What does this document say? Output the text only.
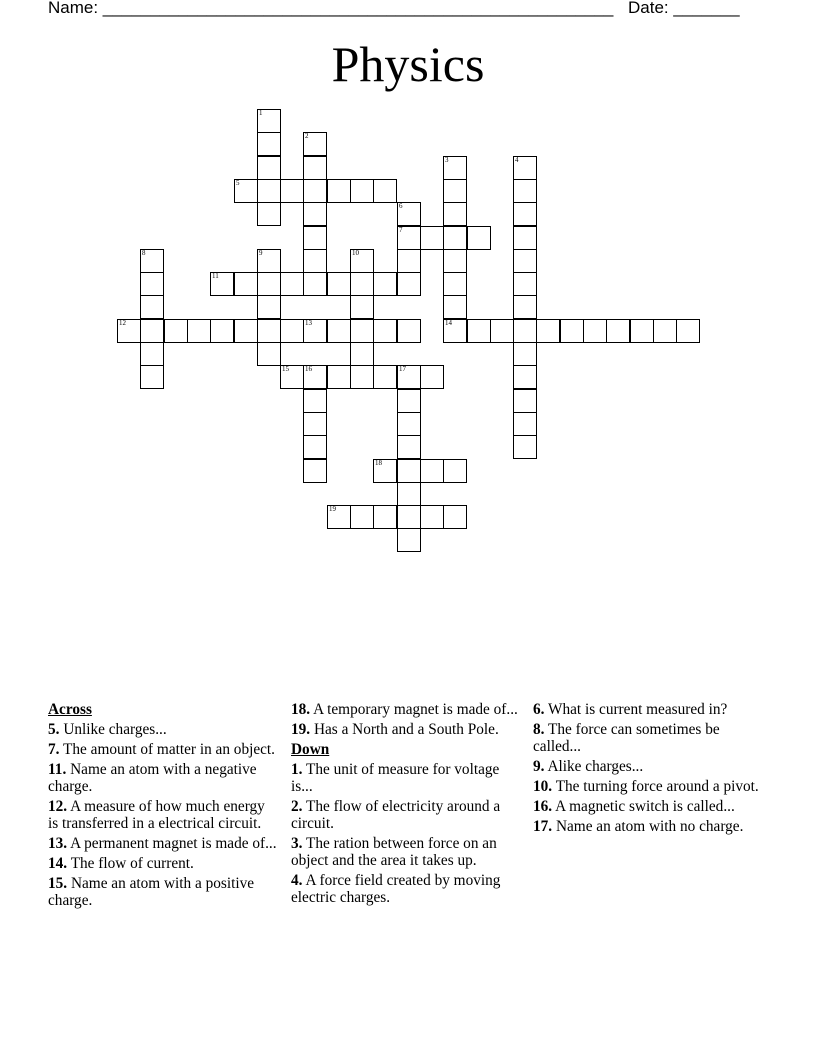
Name: ______________________________________________________ Date: _______
Physics
1
2
3	4
5
6
7
8	9	10
11
12	13	14
15 16	17
18
19
Across
5. Unlike charges...
7. The amount of matter in an object.
11. Name an atom with a negative charge.
12. A measure of how much energy is transferred in a electrical circuit.
13. A permanent magnet is made of...
14. The flow of current.
15. Name an atom with a positive charge.
18. A temporary magnet is made of...
19. Has a North and a South Pole.
Down
1. The unit of measure for voltage is...
2. The flow of electricity around a circuit.
3. The ration between force on an object and the area it takes up.
4. A force field created by moving electric charges.
6. What is current measured in?
8. The force can sometimes be called...
9. Alike charges...
10. The turning force around a pivot.
16. A magnetic switch is called...
17. Name an atom with no charge.
